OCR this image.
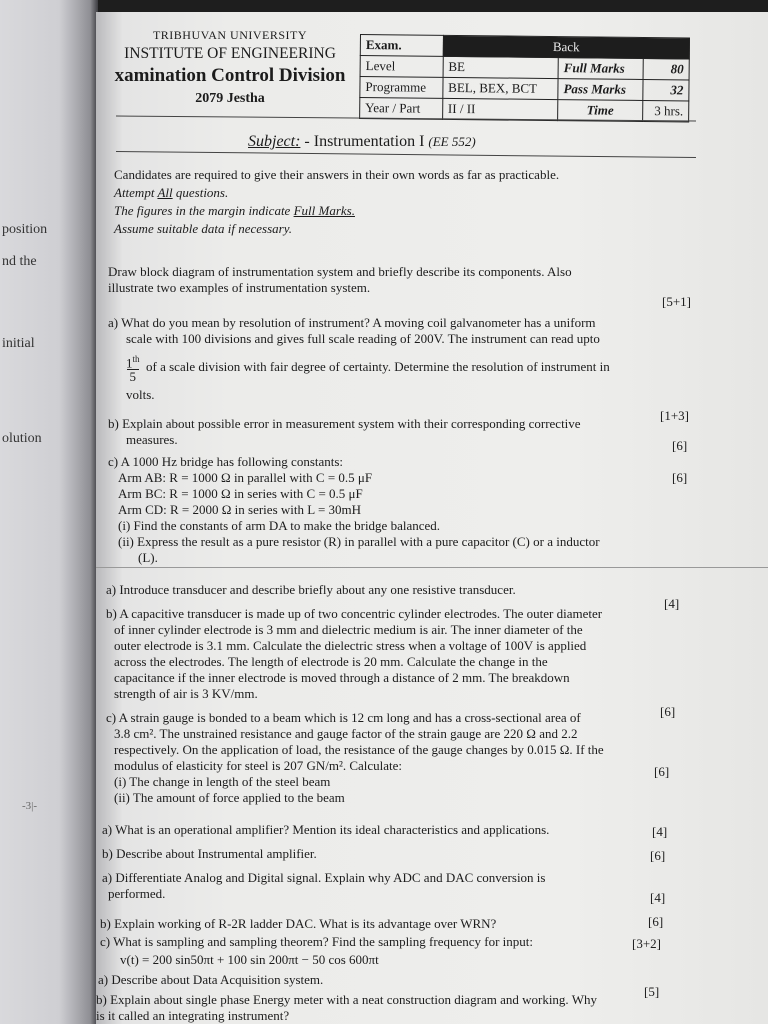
position
nd the
initial
olution
-3|-
TRIBHUVAN UNIVERSITY
INSTITUTE OF ENGINEERING
xamination Control Division
2079 Jestha
Exam.	Back		
Level	BE	Full Marks	80
Programme	BEL, BEX, BCT	Pass Marks	32
Year / Part	II / II	Time	3 hrs.
Subject: - Instrumentation I (EE 552)
Candidates are required to give their answers in their own words as far as practicable.
Attempt All questions.
The figures in the margin indicate Full Marks.
Assume suitable data if necessary.
Draw block diagram of instrumentation system and briefly describe its components. Also
illustrate two examples of instrumentation system.
[5+1]
a) What do you mean by resolution of instrument? A moving coil galvanometer has a uniform
scale with 100 divisions and gives full scale reading of 200V. The instrument can read upto
1th
5  of a scale division with fair degree of certainty. Determine the resolution of instrument in
volts.
[1+3]
b) Explain about possible error in measurement system with their corresponding corrective
measures.	[6]
c) A 1000 Hz bridge has following constants:
Arm AB: R = 1000 Ω in parallel with C = 0.5 μF
Arm BC: R = 1000 Ω in series with C = 0.5 μF
Arm CD: R = 2000 Ω in series with L = 30mH
(i) Find the constants of arm DA to make the bridge balanced.
(ii) Express the result as a pure resistor (R) in parallel with a pure capacitor (C) or a inductor
(L).
[6]
a) Introduce transducer and describe briefly about any one resistive transducer.
[4]
b) A capacitive transducer is made up of two concentric cylinder electrodes. The outer diameter
of inner cylinder electrode is 3 mm and dielectric medium is air. The inner diameter of the
outer electrode is 3.1 mm. Calculate the dielectric stress when a voltage of 100V is applied
across the electrodes. The length of electrode is 20 mm. Calculate the change in the
capacitance if the inner electrode is moved through a distance of 2 mm. The breakdown
strength of air is 3 KV/mm.
[6]
c) A strain gauge is bonded to a beam which is 12 cm long and has a cross-sectional area of
3.8 cm². The unstrained resistance and gauge factor of the strain gauge are 220 Ω and 2.2
respectively. On the application of load, the resistance of the gauge changes by 0.015 Ω. If the
modulus of elasticity for steel is 207 GN/m². Calculate:
(i) The change in length of the steel beam
(ii) The amount of force applied to the beam
[6]
a) What is an operational amplifier? Mention its ideal characteristics and applications.	[4]
b) Describe about Instrumental amplifier.	[6]
a) Differentiate Analog and Digital signal. Explain why ADC and DAC conversion is
performed.	[4]
b) Explain working of R-2R ladder DAC. What is its advantage over WRN?	[6]
c) What is sampling and sampling theorem? Find the sampling frequency for input:
v(t) = 200 sin50πt + 100 sin 200πt − 50 cos 600πt
[3+2]
a) Describe about Data Acquisition system.
[5]
b) Explain about single phase Energy meter with a neat construction diagram and working. Why
is it called an integrating instrument?
